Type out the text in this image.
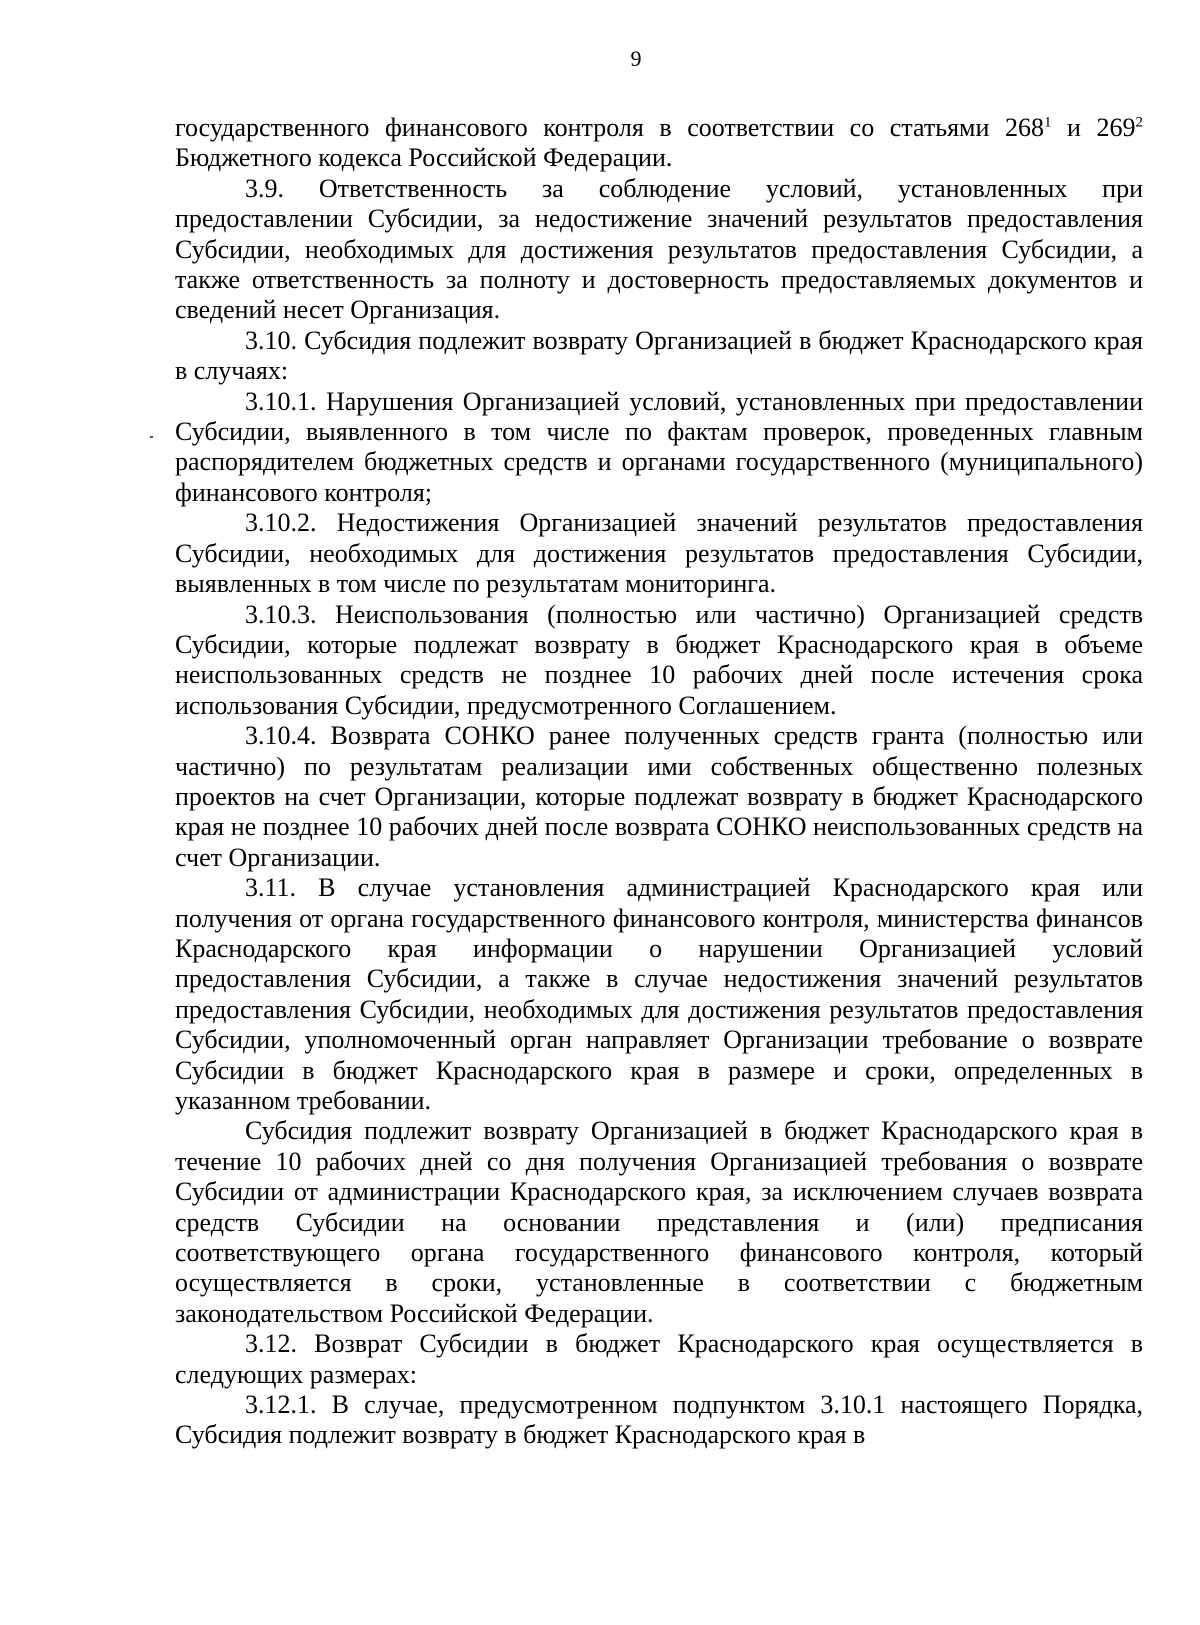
9

государственного финансового контроля в соответствии со статьями $268^1$ и $269^2$ Бюджетного кодекса Российской Федерации.

3.9. Ответственность за соблюдение условий, установленных при предоставлении Субсидии, за недостижение значений результатов предоставления Субсидии, необходимых для достижения результатов предоставления Субсидии, а также ответственность за полноту и достоверность предоставляемых документов и сведений несет Организация.

3.10. Субсидия подлежит возврату Организацией в бюджет Краснодарского края в случаях:

3.10.1. Нарушения Организацией условий, установленных при предоставлении Субсидии, выявленного в том числе по фактам проверок, проведенных главным распорядителем бюджетных средств и органами государственного (муниципального) финансового контроля;

3.10.2. Недостижения Организацией значений результатов предоставления Субсидии, необходимых для достижения результатов предоставления Субсидии, выявленных в том числе по результатам мониторинга.

3.10.3. Неиспользования (полностью или частично) Организацией средств Субсидии, которые подлежат возврату в бюджет Краснодарского края в объеме неиспользованных средств не позднее 10 рабочих дней после истечения срока использования Субсидии, предусмотренного Соглашением.

3.10.4. Возврата СОНКО ранее полученных средств гранта (полностью или частично) по результатам реализации ими собственных общественно полезных проектов на счет Организации, которые подлежат возврату в бюджет Краснодарского края не позднее 10 рабочих дней после возврата СОНКО неиспользованных средств на счет Организации.

3.11. В случае установления администрацией Краснодарского края или получения от органа государственного финансового контроля, министерства финансов Краснодарского края информации о нарушении Организацией условий предоставления Субсидии, а также в случае недостижения значений результатов предоставления Субсидии, необходимых для достижения результатов предоставления Субсидии, уполномоченный орган направляет Организации требование о возврате Субсидии в бюджет Краснодарского края в размере и сроки, определенных в указанном требовании.

Субсидия подлежит возврату Организацией в бюджет Краснодарского края в течение 10 рабочих дней со дня получения Организацией требования о возврате Субсидии от администрации Краснодарского края, за исключением случаев возврата средств Субсидии на основании представления и (или) предписания соответствующего органа государственного финансового контроля, который осуществляется в сроки, установленные в соответствии с бюджетным законодательством Российской Федерации.

3.12. Возврат Субсидии в бюджет Краснодарского края осуществляется в следующих размерах:

3.12.1. В случае, предусмотренном подпунктом 3.10.1 настоящего Порядка, Субсидия подлежит возврату в бюджет Краснодарского края в
